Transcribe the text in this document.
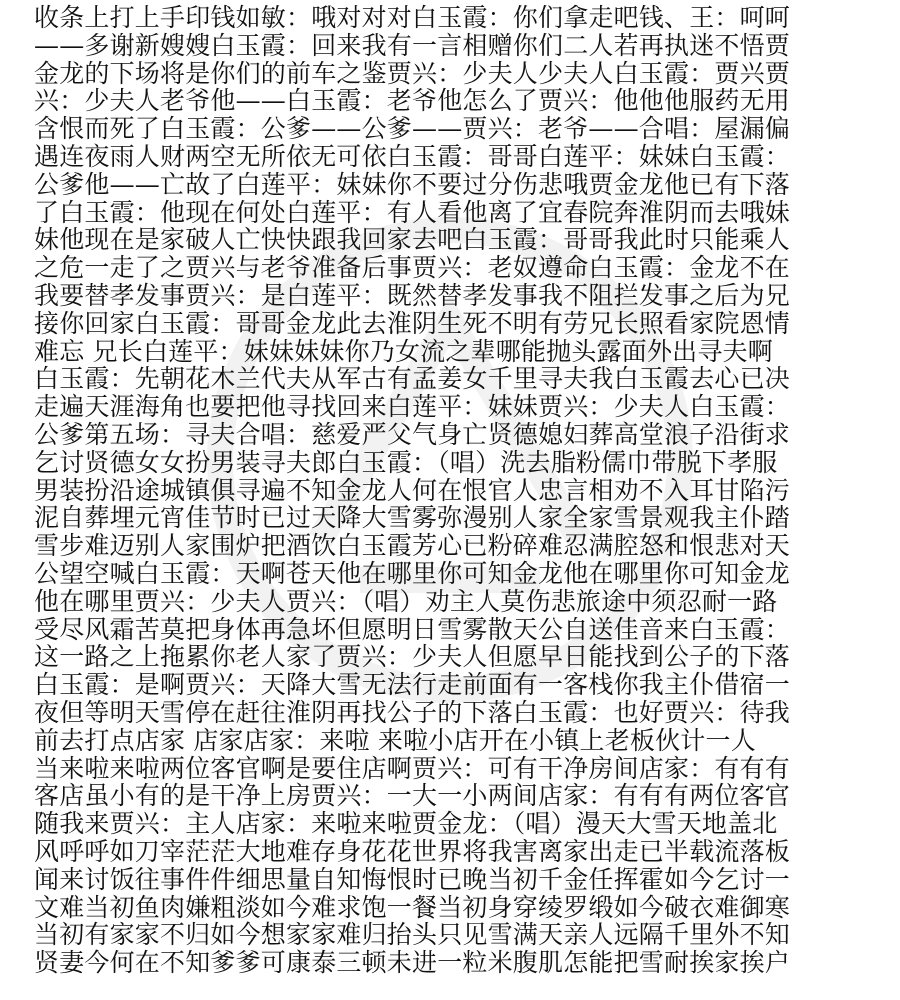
收条上打上手印钱如敏：哦对对对白玉霞：你们拿走吧钱、王：呵呵
——多谢新嫂嫂白玉霞：回来我有一言相赠你们二人若再执迷不悟贾
金龙的下场将是你们的前车之鉴贾兴：少夫人少夫人白玉霞：贾兴贾
兴：少夫人老爷他——白玉霞：老爷他怎么了贾兴：他他他服药无用
含恨而死了白玉霞：公爹——公爹——贾兴：老爷——合唱：屋漏偏
遇连夜雨人财两空无所依无可依白玉霞：哥哥白莲平：妹妹白玉霞：
公爹他——亡故了白莲平：妹妹你不要过分伤悲哦贾金龙他已有下落
了白玉霞：他现在何处白莲平：有人看他离了宜春院奔淮阴而去哦妹
妹他现在是家破人亡快快跟我回家去吧白玉霞：哥哥我此时只能乘人
之危一走了之贾兴与老爷准备后事贾兴：老奴遵命白玉霞：金龙不在
我要替孝发事贾兴：是白莲平：既然替孝发事我不阻拦发事之后为兄
接你回家白玉霞：哥哥金龙此去淮阴生死不明有劳兄长照看家院恩情
难忘 兄长白莲平：妹妹妹妹你乃女流之辈哪能抛头露面外出寻夫啊
白玉霞：先朝花木兰代夫从军古有孟姜女千里寻夫我白玉霞去心已决
走遍天涯海角也要把他寻找回来白莲平：妹妹贾兴：少夫人白玉霞：
公爹第五场：寻夫合唱：慈爱严父气身亡贤德媳妇葬高堂浪子沿街求
乞讨贤德女女扮男装寻夫郎白玉霞：（唱）洗去脂粉儒巾带脱下孝服
男装扮沿途城镇俱寻遍不知金龙人何在恨官人忠言相劝不入耳甘陷污
泥自葬埋元宵佳节时已过天降大雪雾弥漫别人家全家雪景观我主仆踏
雪步难迈别人家围炉把酒饮白玉霞芳心已粉碎难忍满腔怒和恨悲对天
公望空喊白玉霞：天啊苍天他在哪里你可知金龙他在哪里你可知金龙
他在哪里贾兴：少夫人贾兴：（唱）劝主人莫伤悲旅途中须忍耐一路
受尽风霜苦莫把身体再急坏但愿明日雪雾散天公自送佳音来白玉霞：
这一路之上拖累你老人家了贾兴：少夫人但愿早日能找到公子的下落
白玉霞：是啊贾兴：天降大雪无法行走前面有一客栈你我主仆借宿一
夜但等明天雪停在赶往淮阴再找公子的下落白玉霞：也好贾兴：待我
前去打点店家 店家店家：来啦 来啦小店开在小镇上老板伙计一人
当来啦来啦两位客官啊是要住店啊贾兴：可有干净房间店家：有有有
客店虽小有的是干净上房贾兴：一大一小两间店家：有有有两位客官
随我来贾兴：主人店家：来啦来啦贾金龙：（唱）漫天大雪天地盖北
风呼呼如刀宰茫茫大地难存身花花世界将我害离家出走已半载流落板
闻来讨饭往事件件细思量自知悔恨时已晚当初千金任挥霍如今乞讨一
文难当初鱼肉嫌粗淡如今难求饱一餐当初身穿绫罗缎如今破衣难御寒
当初有家家不归如今想家家难归抬头只见雪满天亲人远隔千里外不知
贤妻今何在不知爹爹可康泰三顿未进一粒米腹肌怎能把雪耐挨家挨户
